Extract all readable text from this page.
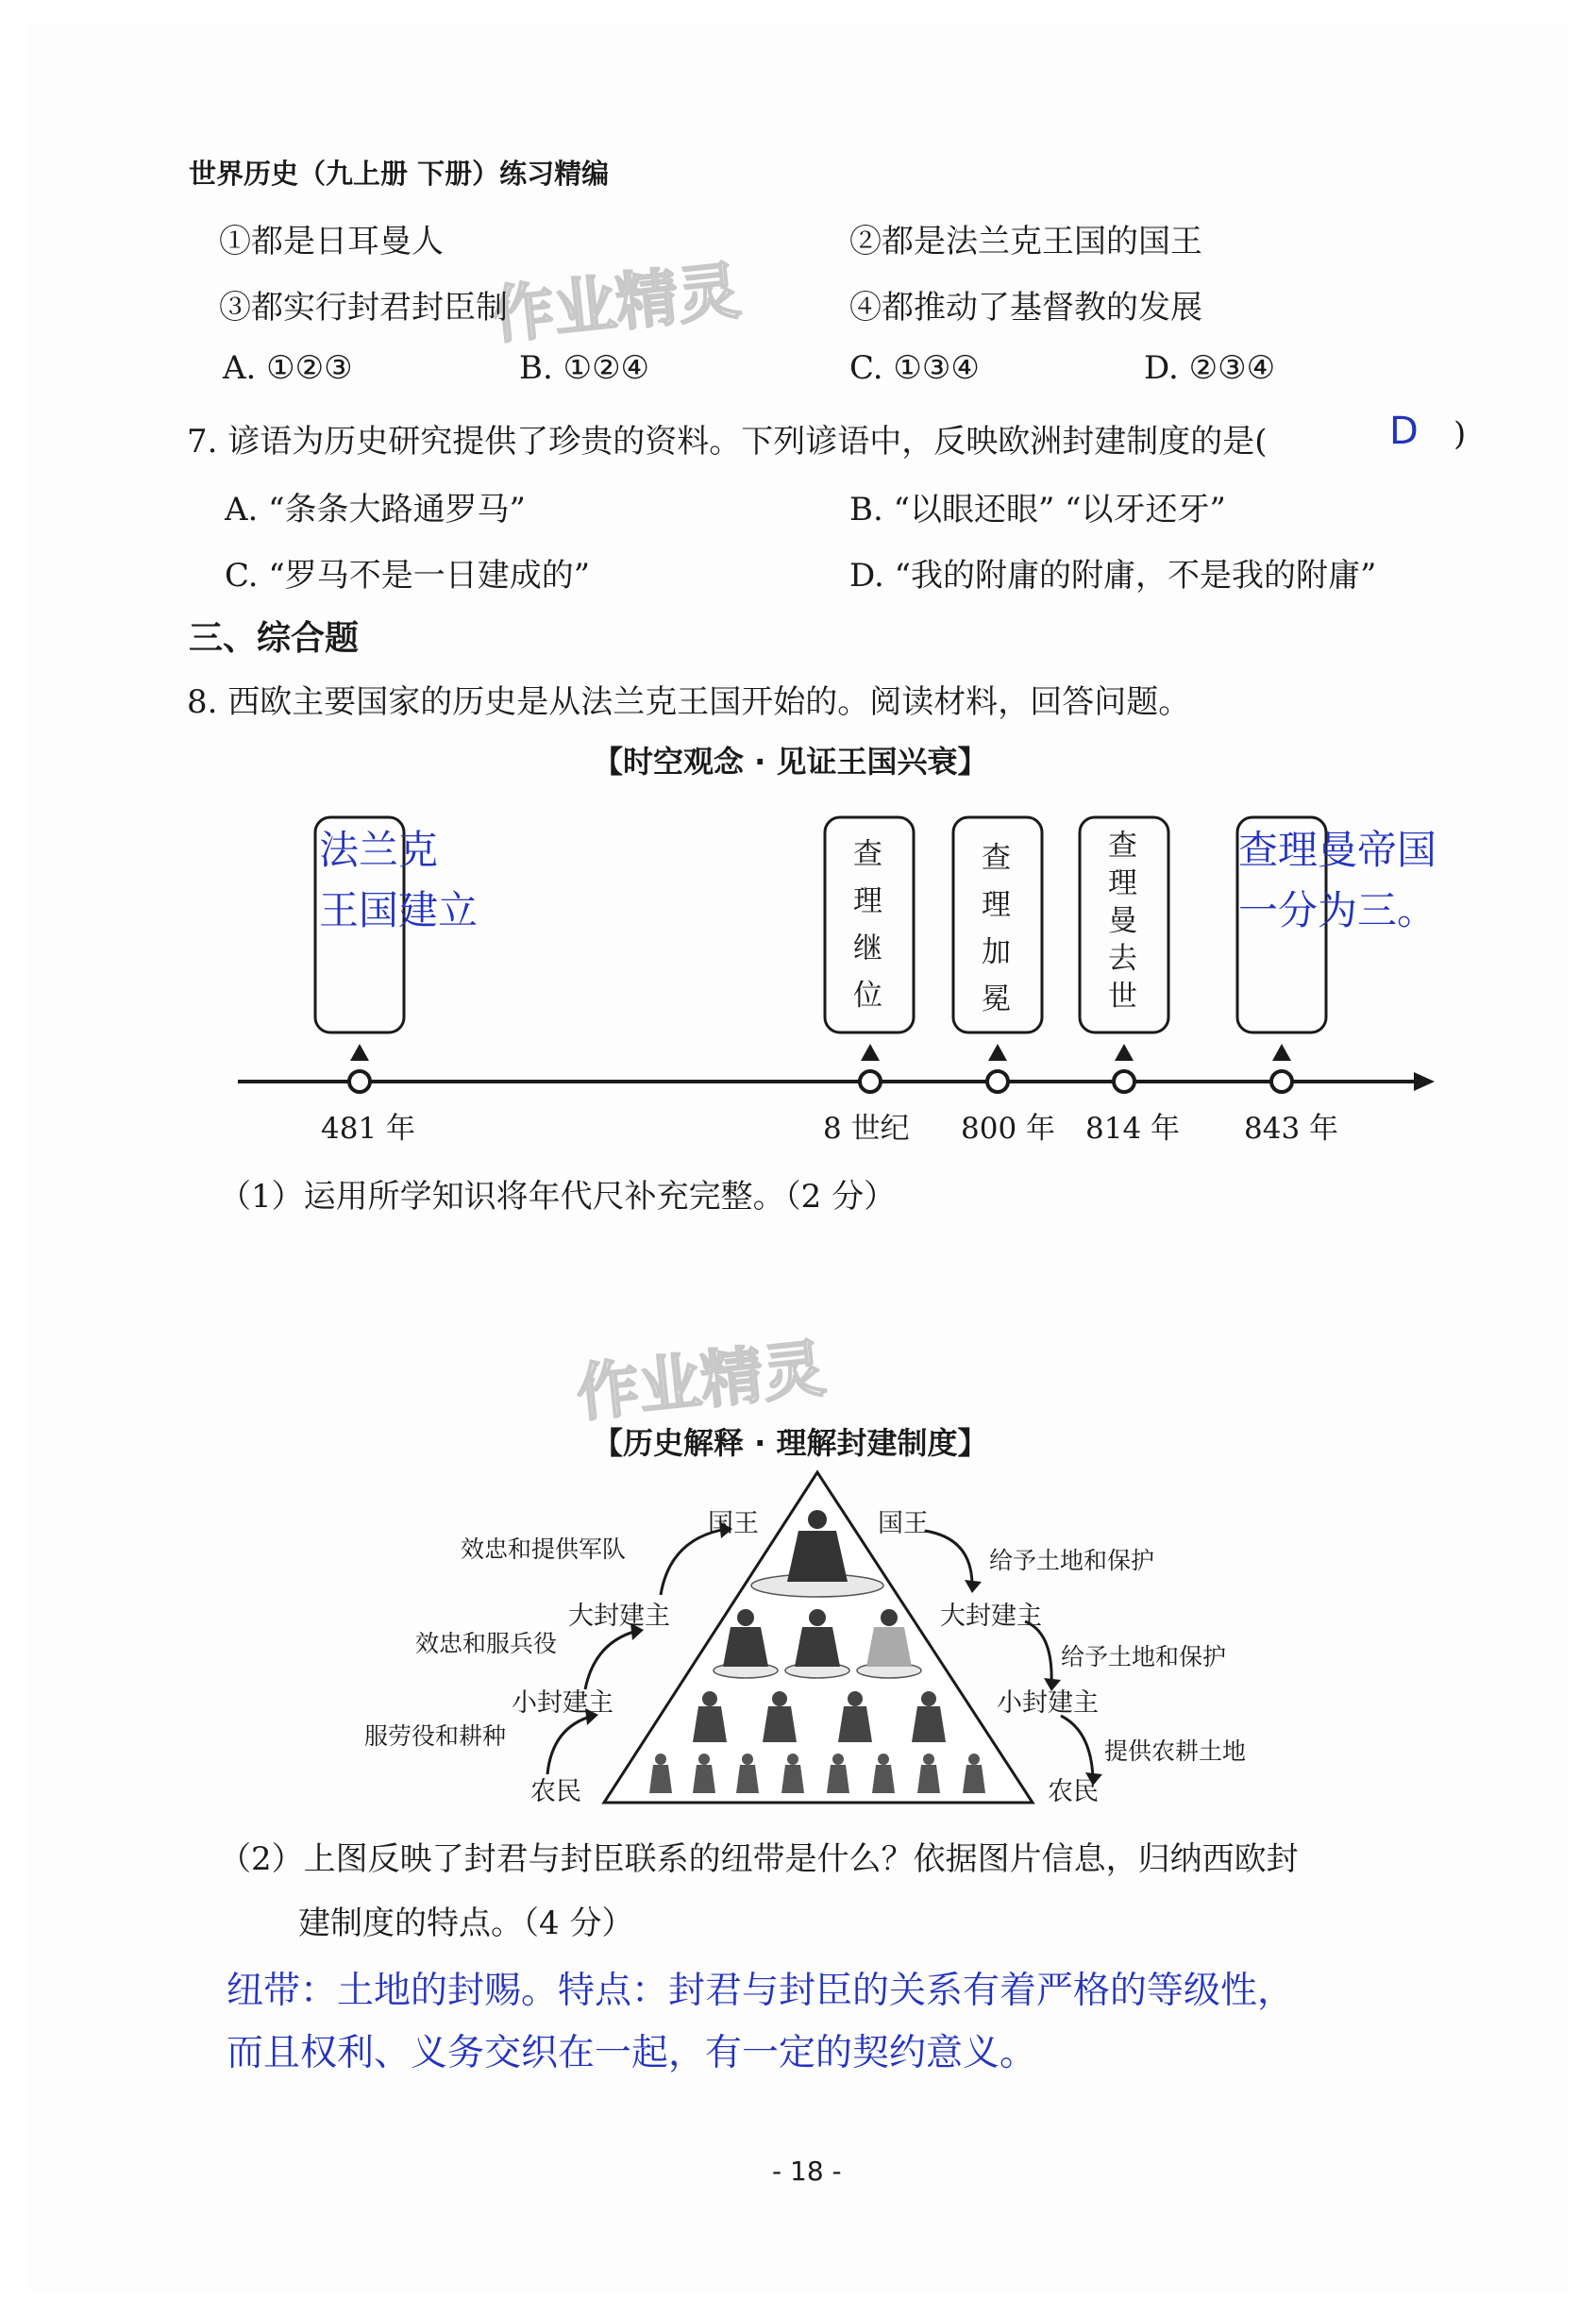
世界历史（九上册 下册）练习精编
作业精灵
作业精灵
①都是日耳曼人	②都是法兰克王国的国王
③都实行封君封臣制	④都推动了基督教的发展
A. ①②③	B. ①②④	C. ①③④	D. ②③④
7. 谚语为历史研究提供了珍贵的资料。下列谚语中，反映欧洲封建制度的是(	D )
A. “条条大路通罗马”	B. “以眼还眼” “以牙还牙”
C. “罗马不是一日建成的”	D. “我的附庸的附庸，不是我的附庸”
三、综合题
8. 西欧主要国家的历史是从法兰克王国开始的。阅读材料，回答问题。
【时空观念 · 见证王国兴衰】
法兰克
王国建立
查理曼帝国
一分为三。
查
理
继
位
查
理
加
冕
查
理
曼
去
世
481 年	8 世纪 800 年 814 年 843 年
（1）运用所学知识将年代尺补充完整。（2 分）
【历史解释 · 理解封建制度】
国王	国王
大封建主	大封建主
小封建主	小封建主
农民	农民
效忠和提供军队
效忠和服兵役
服劳役和耕种
给予土地和保护
给予土地和保护
提供农耕土地
（2）上图反映了封君与封臣联系的纽带是什么？依据图片信息，归纳西欧封
建制度的特点。（4 分）
纽带：土地的封赐。特点：封君与封臣的关系有着严格的等级性，
而且权利、义务交织在一起，有一定的契约意义。
- 18 -
